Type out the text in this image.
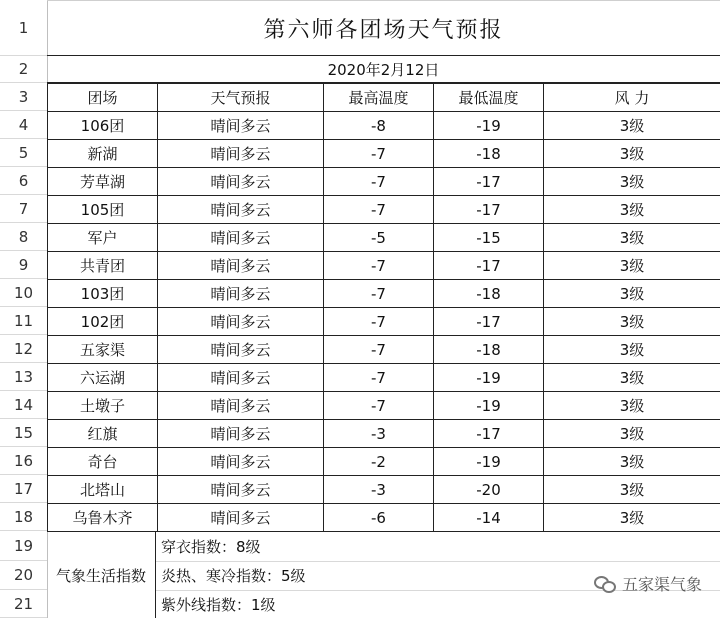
1
2
3
4
5
6
7
8
9
10
11
12
13
14
15
16
17
18
19
20
21
第六师各团场天气预报
2020年2月12日
团场	天气预报	最高温度	最低温度	风 力
106团	晴间多云	-8	-19	3级
新湖	晴间多云	-7	-18	3级
芳草湖	晴间多云	-7	-17	3级
105团	晴间多云	-7	-17	3级
军户	晴间多云	-5	-15	3级
共青团	晴间多云	-7	-17	3级
103团	晴间多云	-7	-18	3级
102团	晴间多云	-7	-17	3级
五家渠	晴间多云	-7	-18	3级
六运湖	晴间多云	-7	-19	3级
土墩子	晴间多云	-7	-19	3级
红旗	晴间多云	-3	-17	3级
奇台	晴间多云	-2	-19	3级
北塔山	晴间多云	-3	-20	3级
乌鲁木齐	晴间多云	-6	-14	3级
气象生活指数
穿衣指数：8级
炎热、寒冷指数：5级
紫外线指数：1级
五家渠气象
